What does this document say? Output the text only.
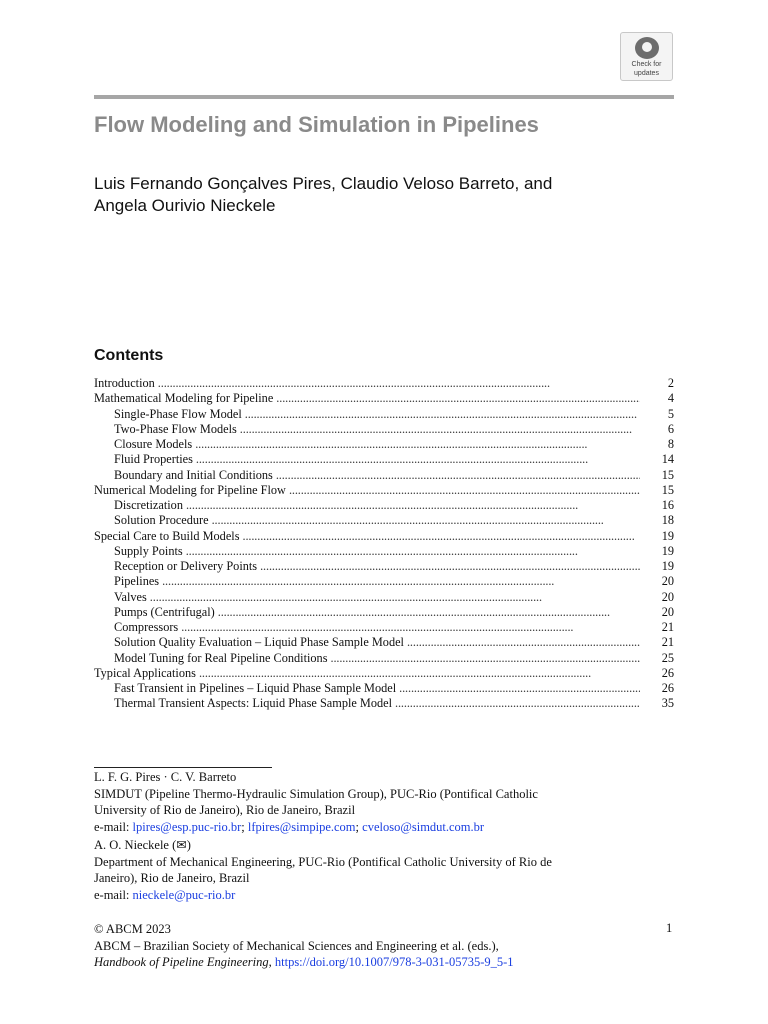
Check for
updates
Flow Modeling and Simulation in Pipelines
Luis Fernando Gonçalves Pires, Claudio Veloso Barreto, and
Angela Ourivio Nieckele
Contents
Introduction . . .	2
Mathematical Modeling for Pipeline . . .	4
Single-Phase Flow Model . . .	5
Two-Phase Flow Models . . .	6
Closure Models . . .	8
Fluid Properties . . .	14
Boundary and Initial Conditions . . .	15
Numerical Modeling for Pipeline Flow . . .	15
Discretization . . .	16
Solution Procedure . . .	18
Special Care to Build Models . . .	19
Supply Points . . .	19
Reception or Delivery Points . . .	19
Pipelines . . .	20
Valves . . .	20
Pumps (Centrifugal) . . .	20
Compressors . . .	21
Solution Quality Evaluation – Liquid Phase Sample Model . . .	21
Model Tuning for Real Pipeline Conditions . . .	25
Typical Applications . . .	26
Fast Transient in Pipelines – Liquid Phase Sample Model . . .	26
Thermal Transient Aspects: Liquid Phase Sample Model . . .	35
L. F. G. Pires · C. V. Barreto
SIMDUT (Pipeline Thermo-Hydraulic Simulation Group), PUC-Rio (Pontifical Catholic
University of Rio de Janeiro), Rio de Janeiro, Brazil
e-mail: lpires@esp.puc-rio.br; lfpires@simpipe.com; cveloso@simdut.com.br
A. O. Nieckele (✉)
Department of Mechanical Engineering, PUC-Rio (Pontifical Catholic University of Rio de
Janeiro), Rio de Janeiro, Brazil
e-mail: nieckele@puc-rio.br
© ABCM 2023
ABCM – Brazilian Society of Mechanical Sciences and Engineering et al. (eds.),
Handbook of Pipeline Engineering, https://doi.org/10.1007/978-3-031-05735-9_5-1
1
